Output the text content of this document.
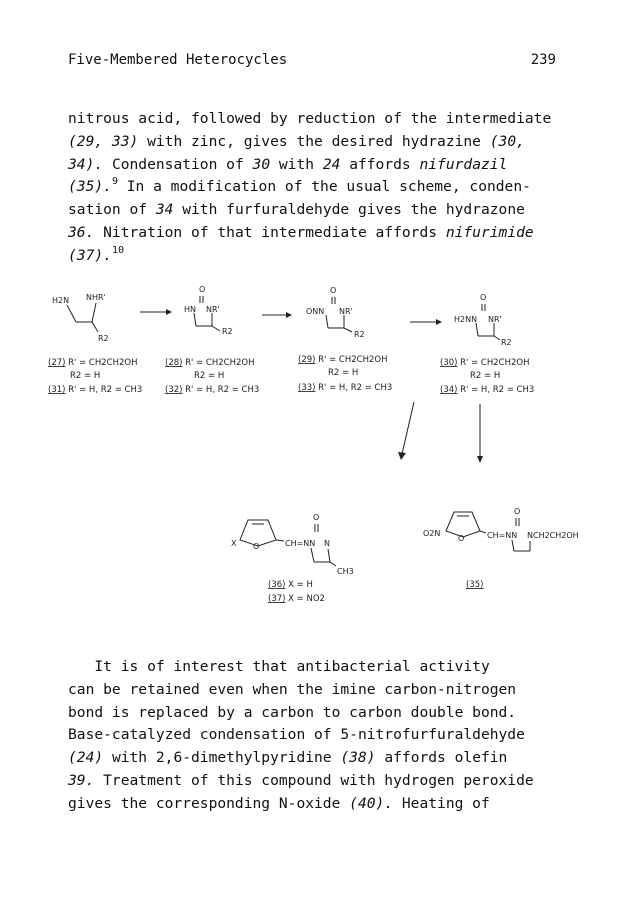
Five-Membered Heterocycles	239
nitrous acid, followed by reduction of the intermediate
(29, 33) with zinc, gives the desired hydrazine (30,
34). Condensation of 30 with 24 affords nifurdazil
(35).$^9$ In a modification of the usual scheme, conden-
sation of 34 with furfuraldehyde gives the hydrazone
36. Nitration of that intermediate affords nifurimide
(37).$^{10}$
H2N NHR'
R2
O
HN NR'
R2
O
ONN NR'
R2
O
H2NN NR'
R2
(27) R' = CH2CH2OH
R2 = H
(31) R' = H, R2 = CH3
(28) R' = CH2CH2OH
R2 = H
(32) R' = H, R2 = CH3
(29) R' = CH2CH2OH
R2 = H
(33) R' = H, R2 = CH3
(30) R' = CH2CH2OH
R2 = H
(34) R' = H, R2 = CH3
X O	CH=NN
O
N
CH3
(36) X = H
(37) X = NO2
O2N
O	CH=NN
O
NCH2CH2OH
(35)
   It is of interest that antibacterial activity
can be retained even when the imine carbon-nitrogen
bond is replaced by a carbon to carbon double bond.
Base-catalyzed condensation of 5-nitrofurfuraldehyde
(24) with 2,6-dimethylpyridine (38) affords olefin
39. Treatment of this compound with hydrogen peroxide
gives the corresponding N-oxide (40). Heating of
